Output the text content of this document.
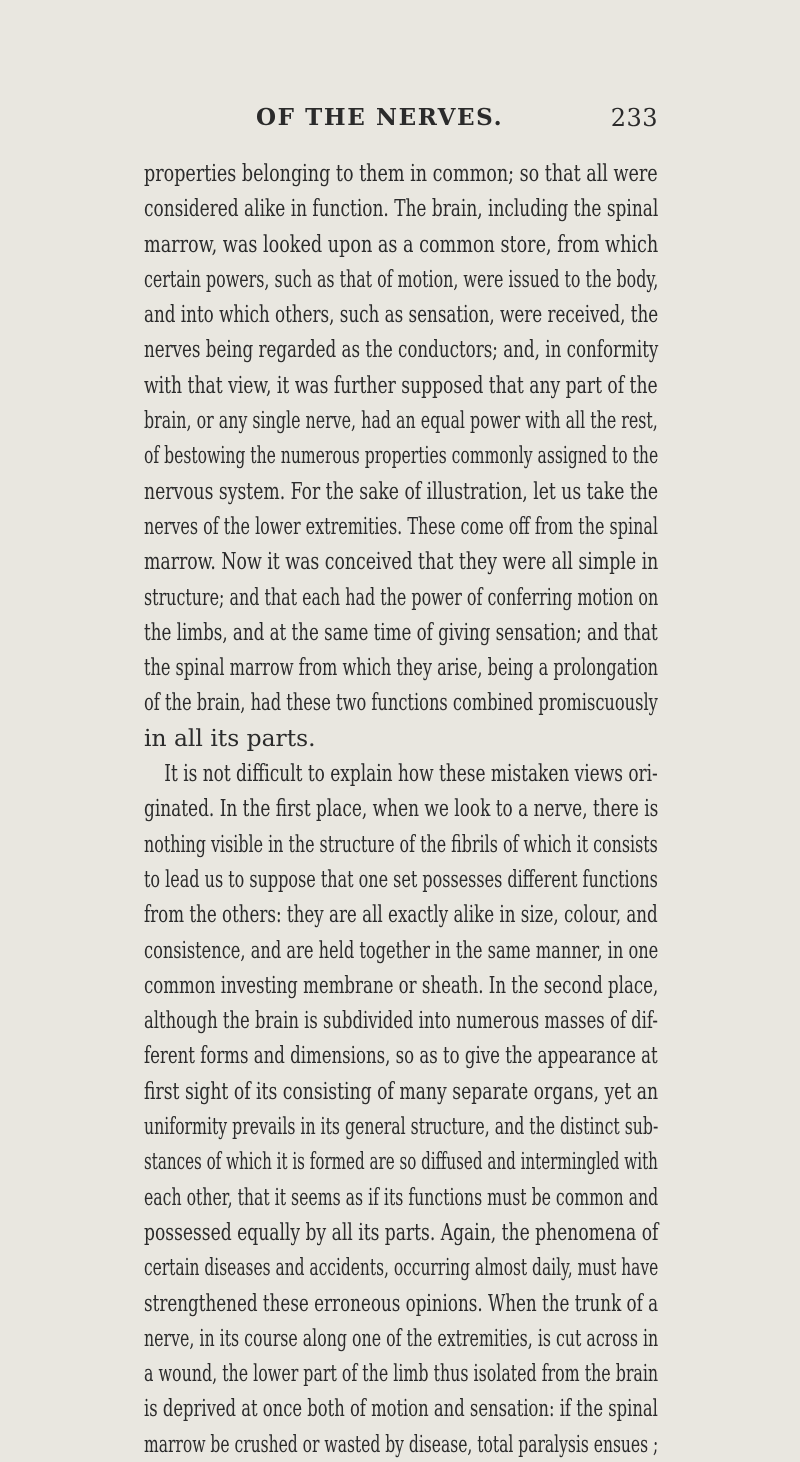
OF THE NERVES.	233
properties belonging to them in common; so that all were
considered alike in function. The brain, including the spinal
marrow, was looked upon as a common store, from which
certain powers, such as that of motion, were issued to the body,
and into which others, such as sensation, were received, the
nerves being regarded as the conductors; and, in conformity
with that view, it was further supposed that any part of the
brain, or any single nerve, had an equal power with all the rest,
of bestowing the numerous properties commonly assigned to the
nervous system. For the sake of illustration, let us take the
nerves of the lower extremities. These come off from the spinal
marrow. Now it was conceived that they were all simple in
structure; and that each had the power of conferring motion on
the limbs, and at the same time of giving sensation; and that
the spinal marrow from which they arise, being a prolongation
of the brain, had these two functions combined promiscuously
in all its parts.
It is not difficult to explain how these mistaken views ori-
ginated. In the first place, when we look to a nerve, there is
nothing visible in the structure of the fibrils of which it consists
to lead us to suppose that one set possesses different functions
from the others: they are all exactly alike in size, colour, and
consistence, and are held together in the same manner, in one
common investing membrane or sheath. In the second place,
although the brain is subdivided into numerous masses of dif-
ferent forms and dimensions, so as to give the appearance at
first sight of its consisting of many separate organs, yet an
uniformity prevails in its general structure, and the distinct sub-
stances of which it is formed are so diffused and intermingled with
each other, that it seems as if its functions must be common and
possessed equally by all its parts. Again, the phenomena of
certain diseases and accidents, occurring almost daily, must have
strengthened these erroneous opinions. When the trunk of a
nerve, in its course along one of the extremities, is cut across in
a wound, the lower part of the limb thus isolated from the brain
is deprived at once both of motion and sensation: if the spinal
marrow be crushed or wasted by disease, total paralysis ensues ;
